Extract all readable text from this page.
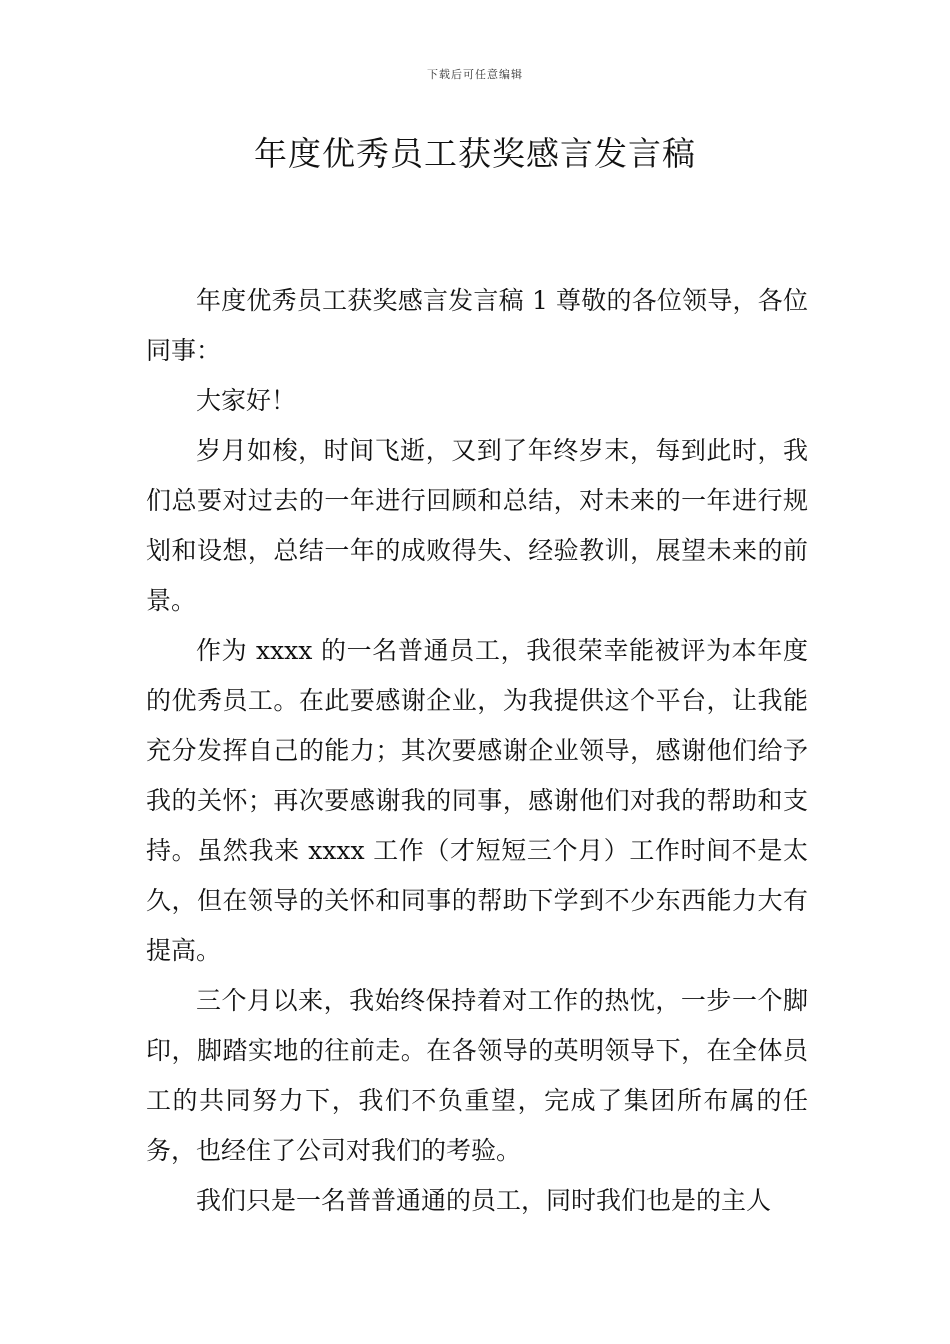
下载后可任意编辑
年度优秀员工获奖感言发言稿

年度优秀员工获奖感言发言稿 1 尊敬的各位领导，各位同事：

大家好！

岁月如梭，时间飞逝，又到了年终岁末，每到此时，我们总要对过去的一年进行回顾和总结，对未来的一年进行规划和设想，总结一年的成败得失、经验教训，展望未来的前景。

作为 xxxx 的一名普通员工，我很荣幸能被评为本年度的优秀员工。在此要感谢企业，为我提供这个平台，让我能充分发挥自己的能力；其次要感谢企业领导，感谢他们给予我的关怀；再次要感谢我的同事，感谢他们对我的帮助和支持。虽然我来 xxxx 工作（才短短三个月）工作时间不是太久，但在领导的关怀和同事的帮助下学到不少东西能力大有提高。

三个月以来，我始终保持着对工作的热忱，一步一个脚印，脚踏实地的往前走。在各领导的英明领导下，在全体员工的共同努力下，我们不负重望，完成了集团所布属的任务，也经住了公司对我们的考验。

我们只是一名普普通通的员工，同时我们也是的主人
